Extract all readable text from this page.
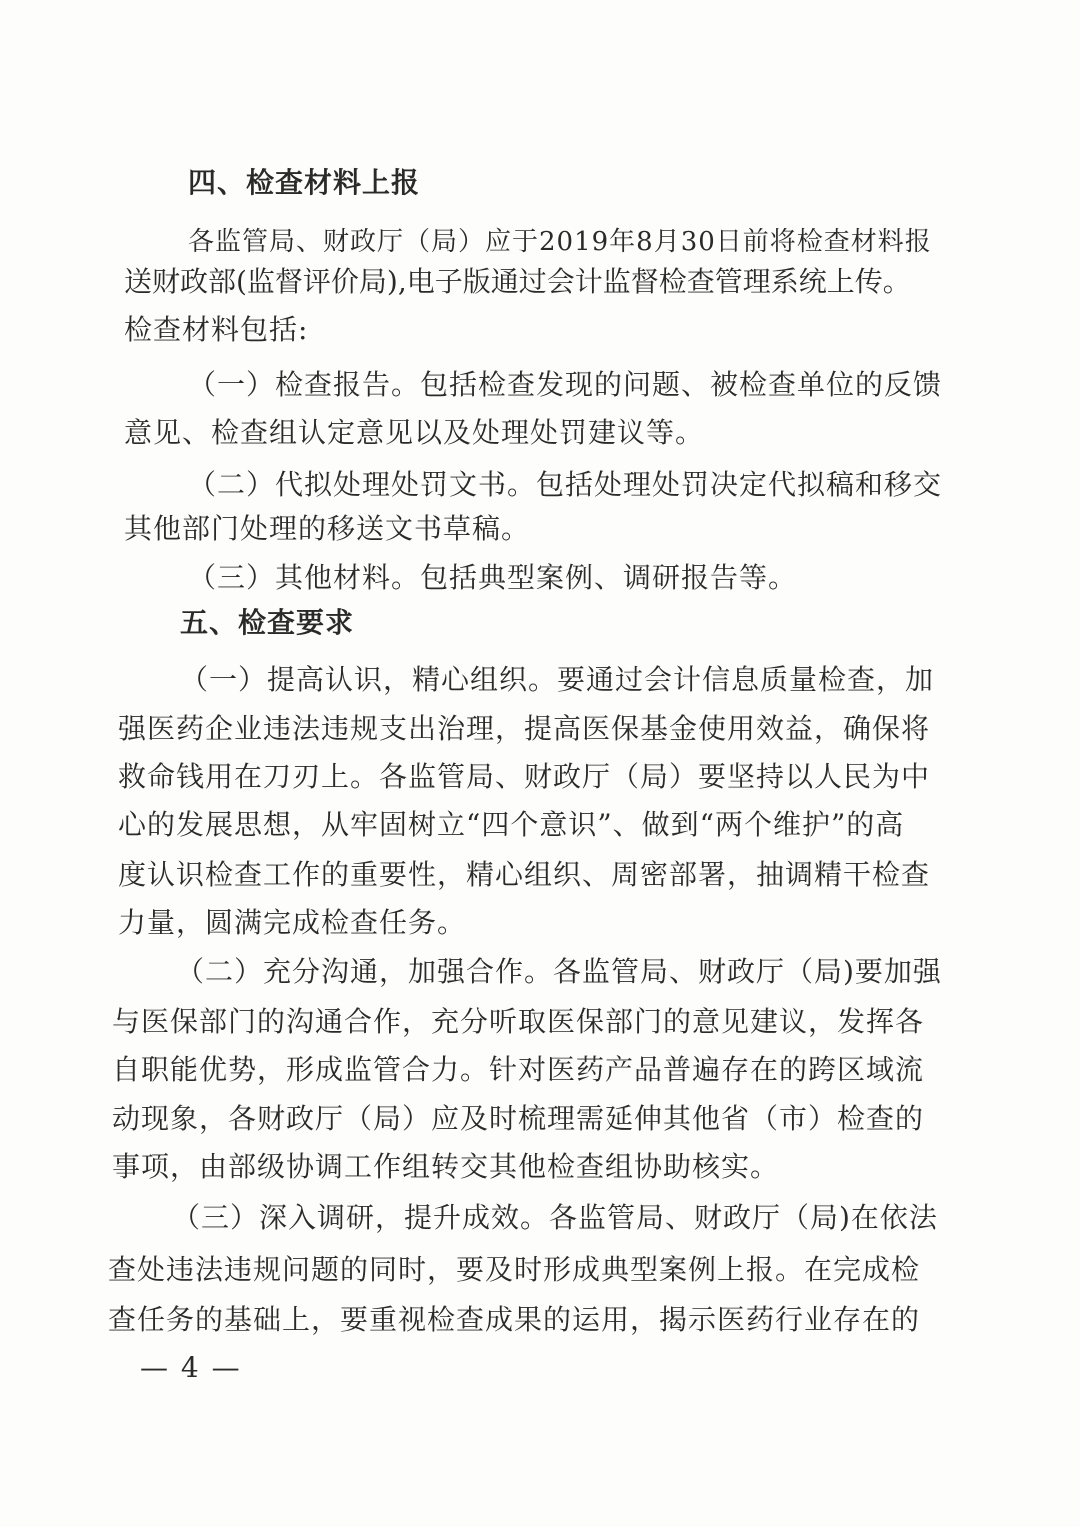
四、检查材料上报
各监管局、财政厅（局）应于2019年8月30日前将检查材料报
送财政部(监督评价局),电子版通过会计监督检查管理系统上传。
检查材料包括:
（一）检查报告。包括检查发现的问题、被检查单位的反馈
意见、检查组认定意见以及处理处罚建议等。
（二）代拟处理处罚文书。包括处理处罚决定代拟稿和移交
其他部门处理的移送文书草稿。
（三）其他材料。包括典型案例、调研报告等。
五、检查要求
（一）提高认识，精心组织。要通过会计信息质量检查，加
强医药企业违法违规支出治理，提高医保基金使用效益，确保将
救命钱用在刀刃上。各监管局、财政厅（局）要坚持以人民为中
心的发展思想，从牢固树立“四个意识”、做到“两个维护”的高
度认识检查工作的重要性，精心组织、周密部署，抽调精干检查
力量，圆满完成检查任务。
（二）充分沟通，加强合作。各监管局、财政厅（局)要加强
与医保部门的沟通合作，充分听取医保部门的意见建议，发挥各
自职能优势，形成监管合力。针对医药产品普遍存在的跨区域流
动现象，各财政厅（局）应及时梳理需延伸其他省（市）检查的
事项，由部级协调工作组转交其他检查组协助核实。
（三）深入调研，提升成效。各监管局、财政厅（局)在依法
查处违法违规问题的同时，要及时形成典型案例上报。在完成检
查任务的基础上，要重视检查成果的运用，揭示医药行业存在的
— 4 —
